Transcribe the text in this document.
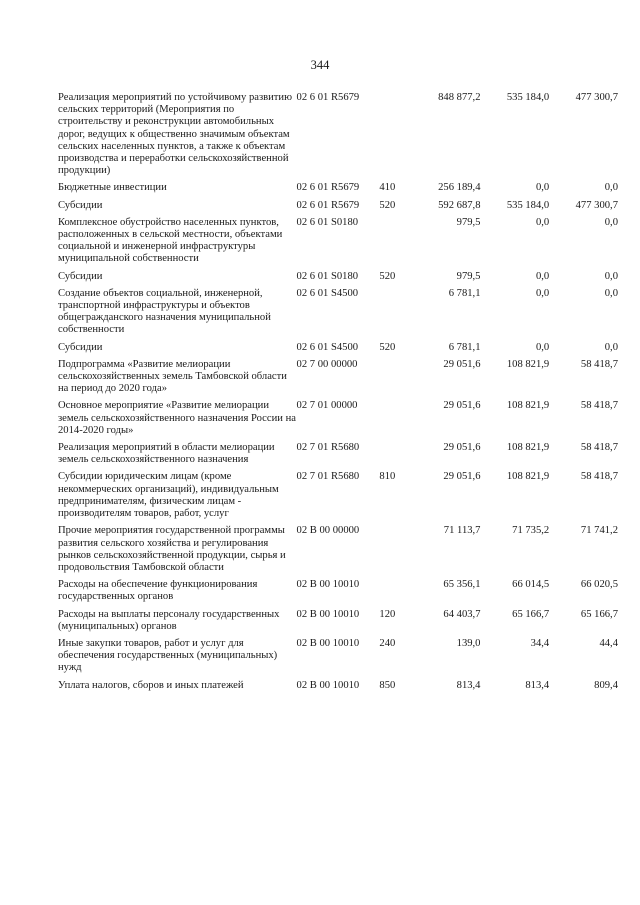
344
Реализация мероприятий по устойчивому развитию сельских территорий (Мероприятия по строительству и реконструкции автомобильных дорог, ведущих к общественно значимым объектам сельских населенных пунктов, а также к объектам производства и переработки сельскохозяйственной продукции)	02 6 01 R5679		848 877,2	535 184,0	477 300,7
Бюджетные инвестиции	02 6 01 R5679	410	256 189,4	0,0	0,0
Субсидии	02 6 01 R5679	520	592 687,8	535 184,0	477 300,7
Комплексное обустройство населенных пунктов, расположенных в сельской местности, объектами социальной и инженерной инфраструктуры муниципальной собственности	02 6 01 S0180		979,5	0,0	0,0
Субсидии	02 6 01 S0180	520	979,5	0,0	0,0
Создание объектов социальной, инженерной, транспортной инфраструктуры и объектов общегражданского назначения муниципальной собственности	02 6 01 S4500		6 781,1	0,0	0,0
Субсидии	02 6 01 S4500	520	6 781,1	0,0	0,0
Подпрограмма «Развитие мелиорации сельскохозяйственных земель Тамбовской области на период до 2020 года»	02 7 00 00000		29 051,6	108 821,9	58 418,7
Основное мероприятие «Развитие мелиорации земель сельскохозяйственного назначения России на 2014-2020 годы»	02 7 01 00000		29 051,6	108 821,9	58 418,7
Реализация мероприятий в области мелиорации земель сельскохозяйственного назначения	02 7 01 R5680		29 051,6	108 821,9	58 418,7
Субсидии юридическим лицам (кроме некоммерческих организаций), индивидуальным предпринимателям, физическим лицам - производителям товаров, работ, услуг	02 7 01 R5680	810	29 051,6	108 821,9	58 418,7
Прочие мероприятия государственной программы развития сельского хозяйства и регулирования рынков сельскохозяйственной продукции, сырья и продовольствия Тамбовской области	02 В 00 00000		71 113,7	71 735,2	71 741,2
Расходы на обеспечение функционирования государственных органов	02 В 00 10010		65 356,1	66 014,5	66 020,5
Расходы на выплаты персоналу государственных (муниципальных) органов	02 В 00 10010	120	64 403,7	65 166,7	65 166,7
Иные закупки товаров, работ и услуг для обеспечения государственных (муниципальных) нужд	02 В 00 10010	240	139,0	34,4	44,4
Уплата налогов, сборов и иных платежей	02 В 00 10010	850	813,4	813,4	809,4
